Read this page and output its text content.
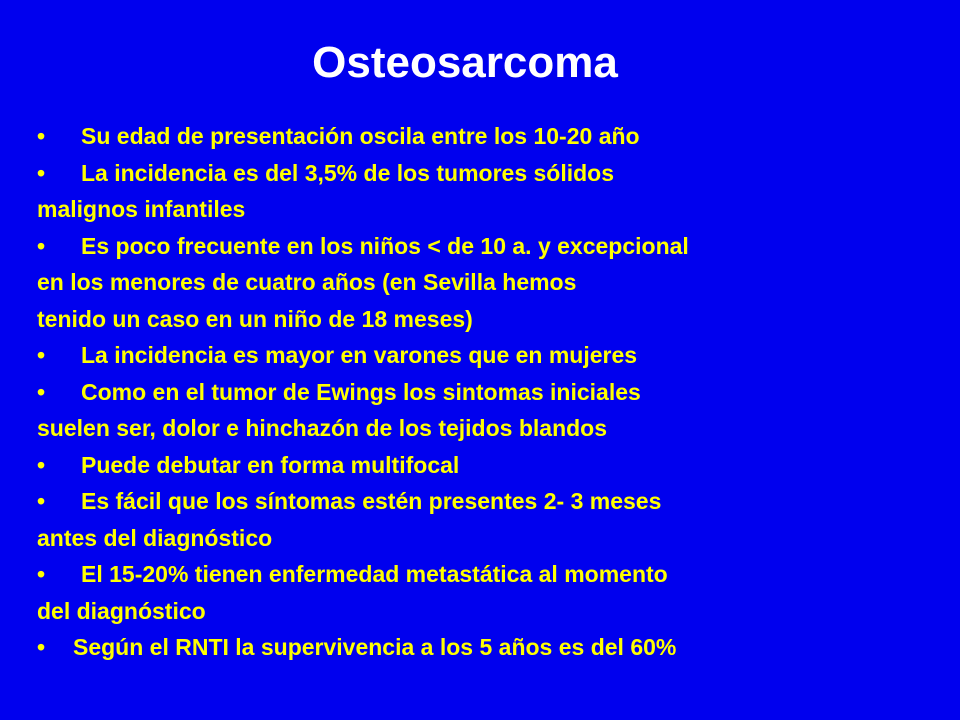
Osteosarcoma
• Su edad de presentación oscila entre los 10-20 año
• La incidencia es del 3,5% de los tumores sólidos
malignos infantiles
• Es poco frecuente en los niños < de 10 a. y excepcional
en los menores de cuatro años (en Sevilla hemos
tenido un caso en un niño de 18 meses)
• La incidencia es mayor en varones que en mujeres
• Como en el tumor de Ewings los sintomas iniciales
suelen ser, dolor e hinchazón de los tejidos blandos
• Puede debutar en forma multifocal
• Es fácil que los síntomas estén presentes 2- 3 meses
antes del diagnóstico
• El 15-20% tienen enfermedad metastática al momento
del diagnóstico
• Según el RNTI la supervivencia a los 5 años es del 60%
